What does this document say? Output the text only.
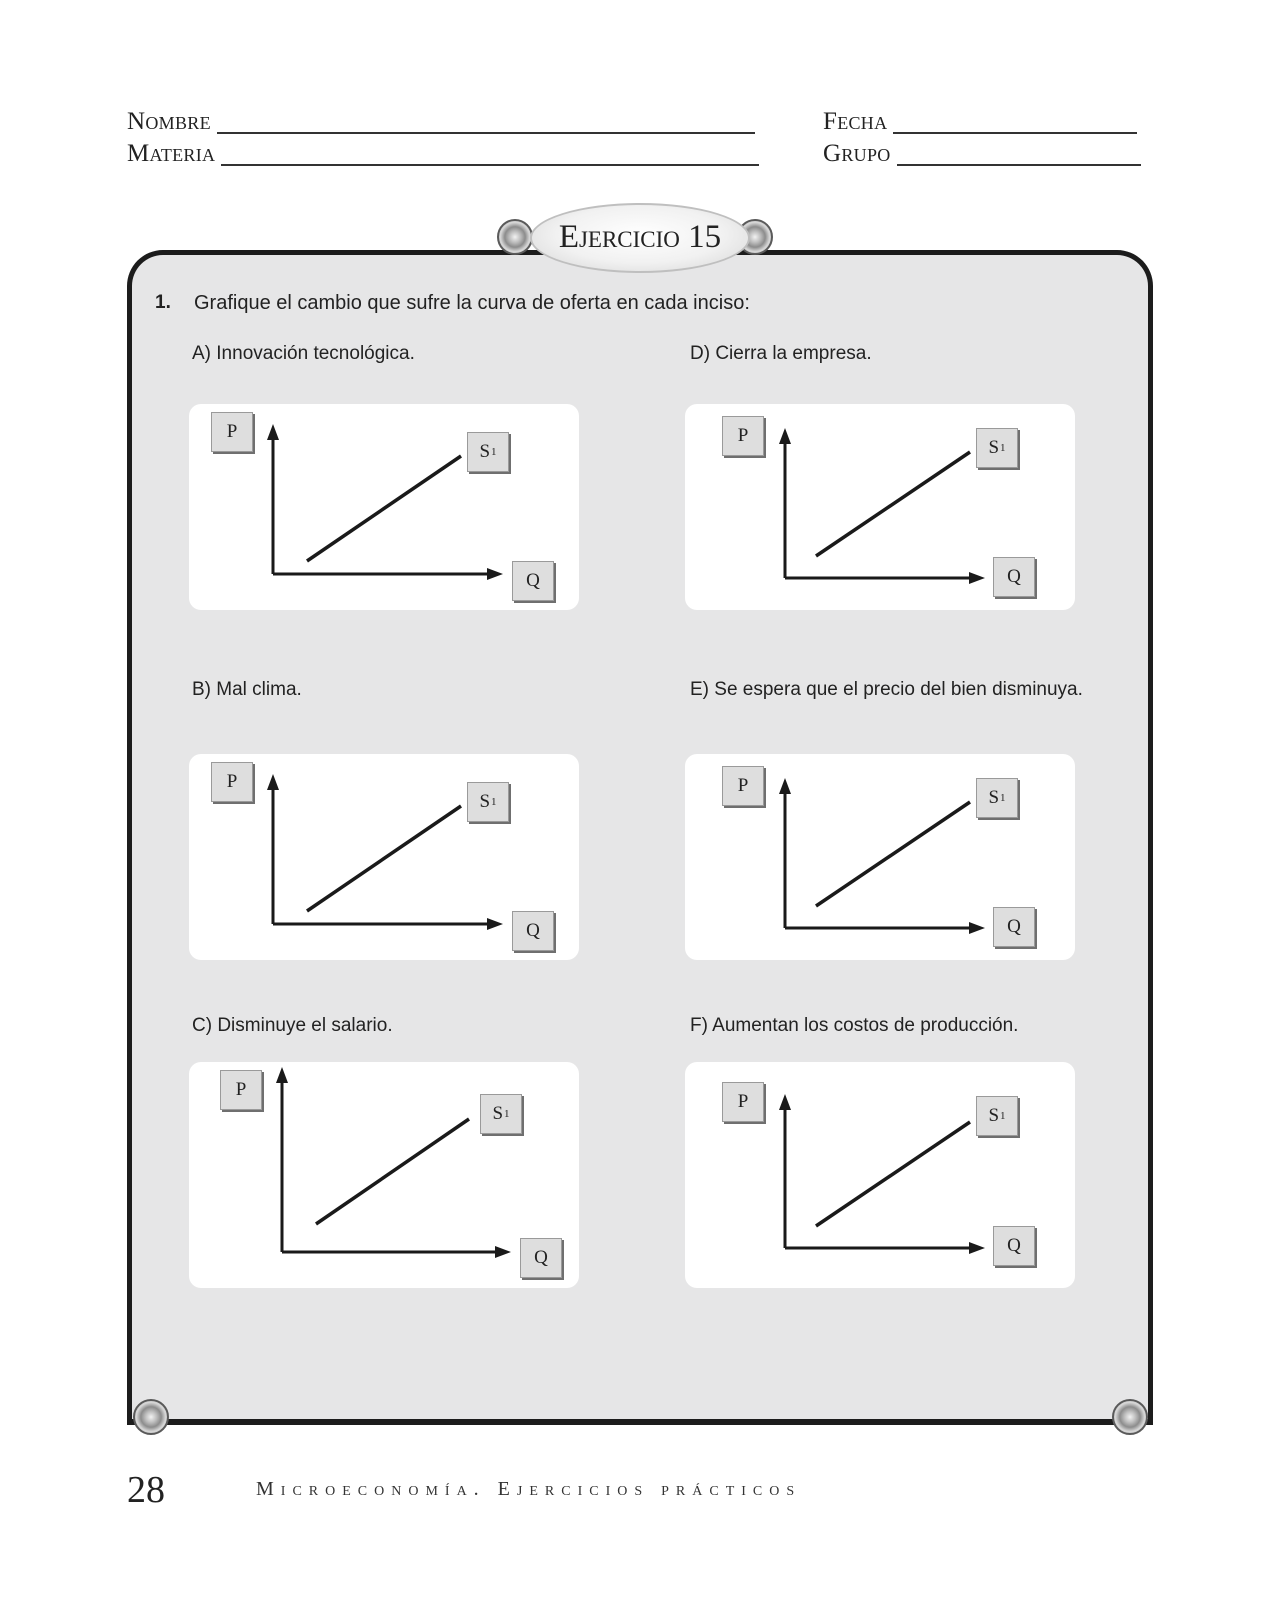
Nombre
Materia
Fecha
Grupo
Ejercicio 15
1. Grafique el cambio que sufre la curva de oferta en cada inciso:
A) Innovación tecnológica.	D) Cierra la empresa.
B) Mal clima.	E) Se espera que el precio del bien disminuya.
C) Disminuye el salario.	F) Aumentan los costos de producción.
P
S 1
Q
P
S 1
Q
P
S 1
Q
P
S 1
Q
P
S 1
Q
P
S 1
Q
28	Microeconomía. Ejercicios prácticos
